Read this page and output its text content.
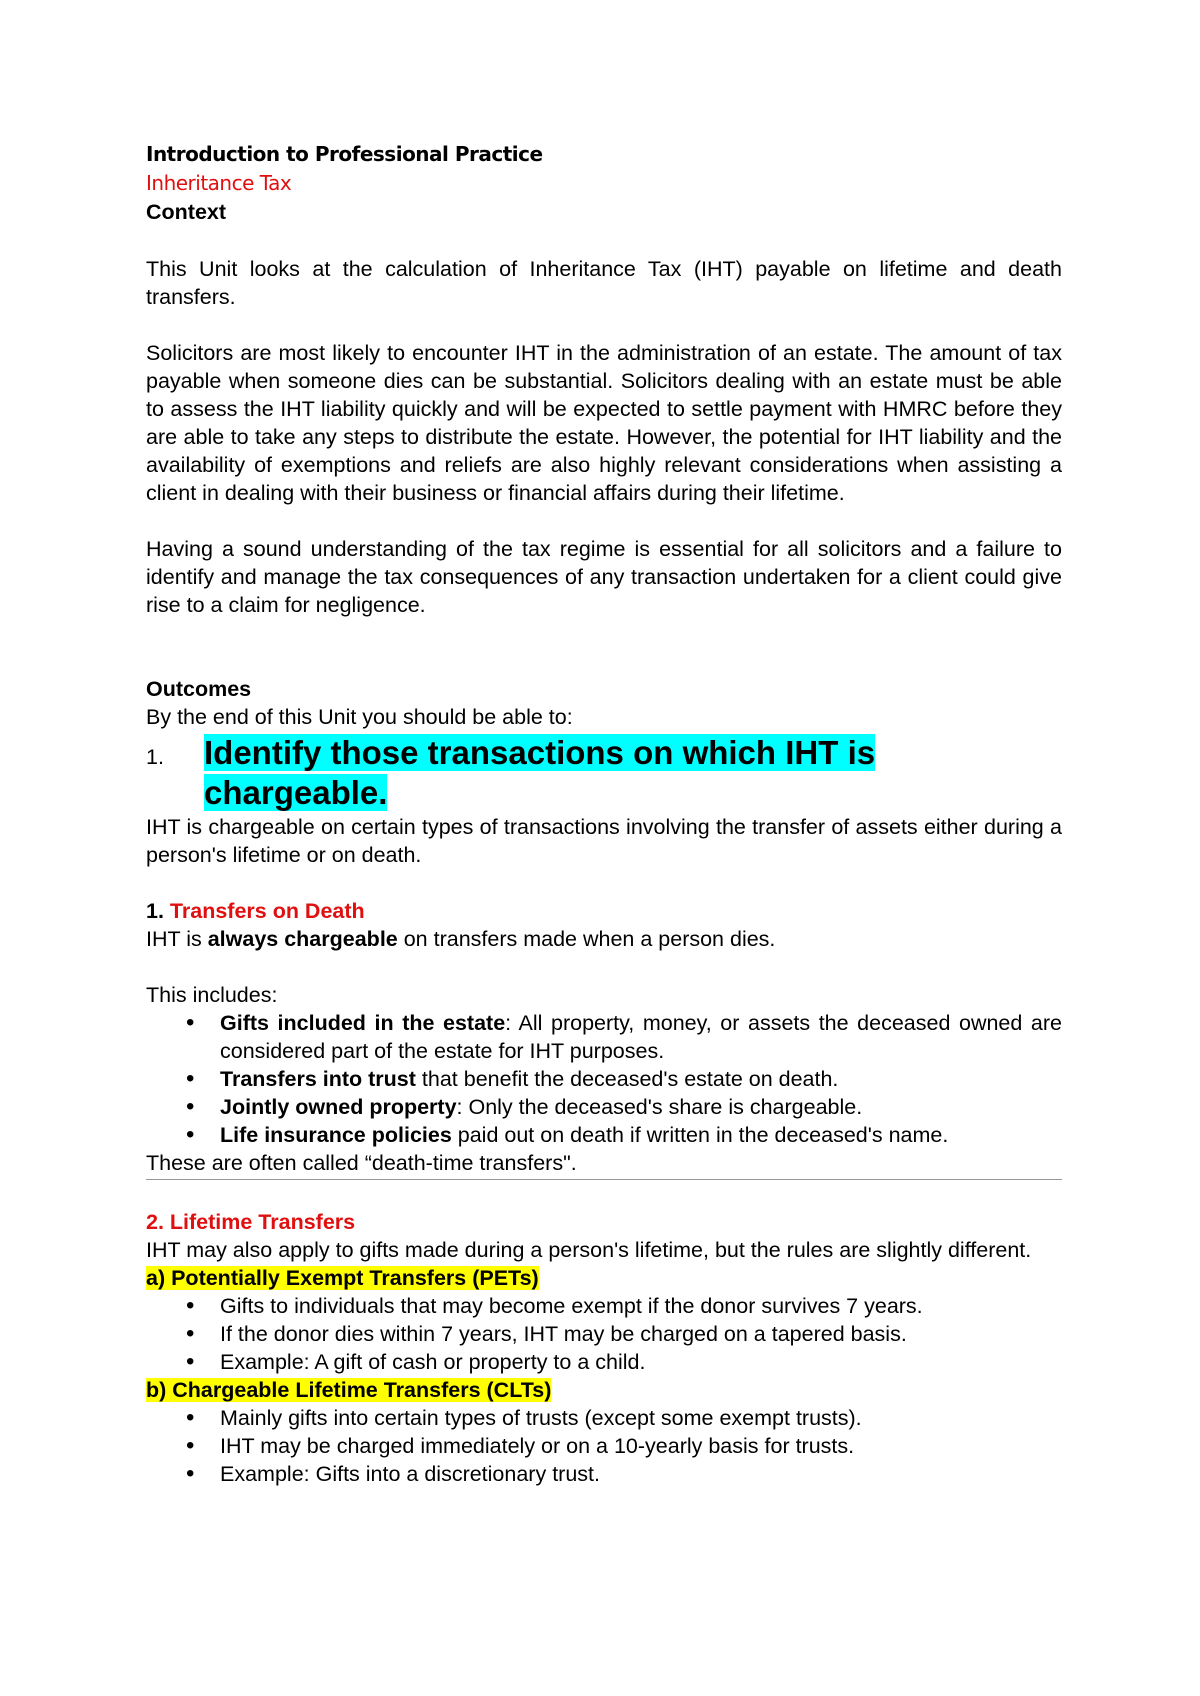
Introduction to Professional Practice
Inheritance Tax
Context

This Unit looks at the calculation of Inheritance Tax (IHT) payable on lifetime and death transfers.

Solicitors are most likely to encounter IHT in the administration of an estate. The amount of tax payable when someone dies can be substantial. Solicitors dealing with an estate must be able to assess the IHT liability quickly and will be expected to settle payment with HMRC before they are able to take any steps to distribute the estate. However, the potential for IHT liability and the availability of exemptions and reliefs are also highly relevant considerations when assisting a client in dealing with their business or financial affairs during their lifetime.

Having a sound understanding of the tax regime is essential for all solicitors and a failure to identify and manage the tax consequences of any transaction undertaken for a client could give rise to a claim for negligence.

Outcomes
By the end of this Unit you should be able to:
1.	Identify those transactions on which IHT is chargeable.

IHT is chargeable on certain types of transactions involving the transfer of assets either during a person's lifetime or on death.

1. Transfers on Death
IHT is always chargeable on transfers made when a person dies.
This includes:
• Gifts included in the estate: All property, money, or assets the deceased owned are considered part of the estate for IHT purposes.
• Transfers into trust that benefit the deceased's estate on death.
• Jointly owned property: Only the deceased's share is chargeable.
• Life insurance policies paid out on death if written in the deceased's name.
These are often called “death-time transfers".
2. Lifetime Transfers

IHT may also apply to gifts made during a person's lifetime, but the rules are slightly different.

a) Potentially Exempt Transfers (PETs)
• Gifts to individuals that may become exempt if the donor survives 7 years.
• If the donor dies within 7 years, IHT may be charged on a tapered basis.
• Example: A gift of cash or property to a child.
b) Chargeable Lifetime Transfers (CLTs)
• Mainly gifts into certain types of trusts (except some exempt trusts).
• IHT may be charged immediately or on a 10-yearly basis for trusts.
• Example: Gifts into a discretionary trust.
